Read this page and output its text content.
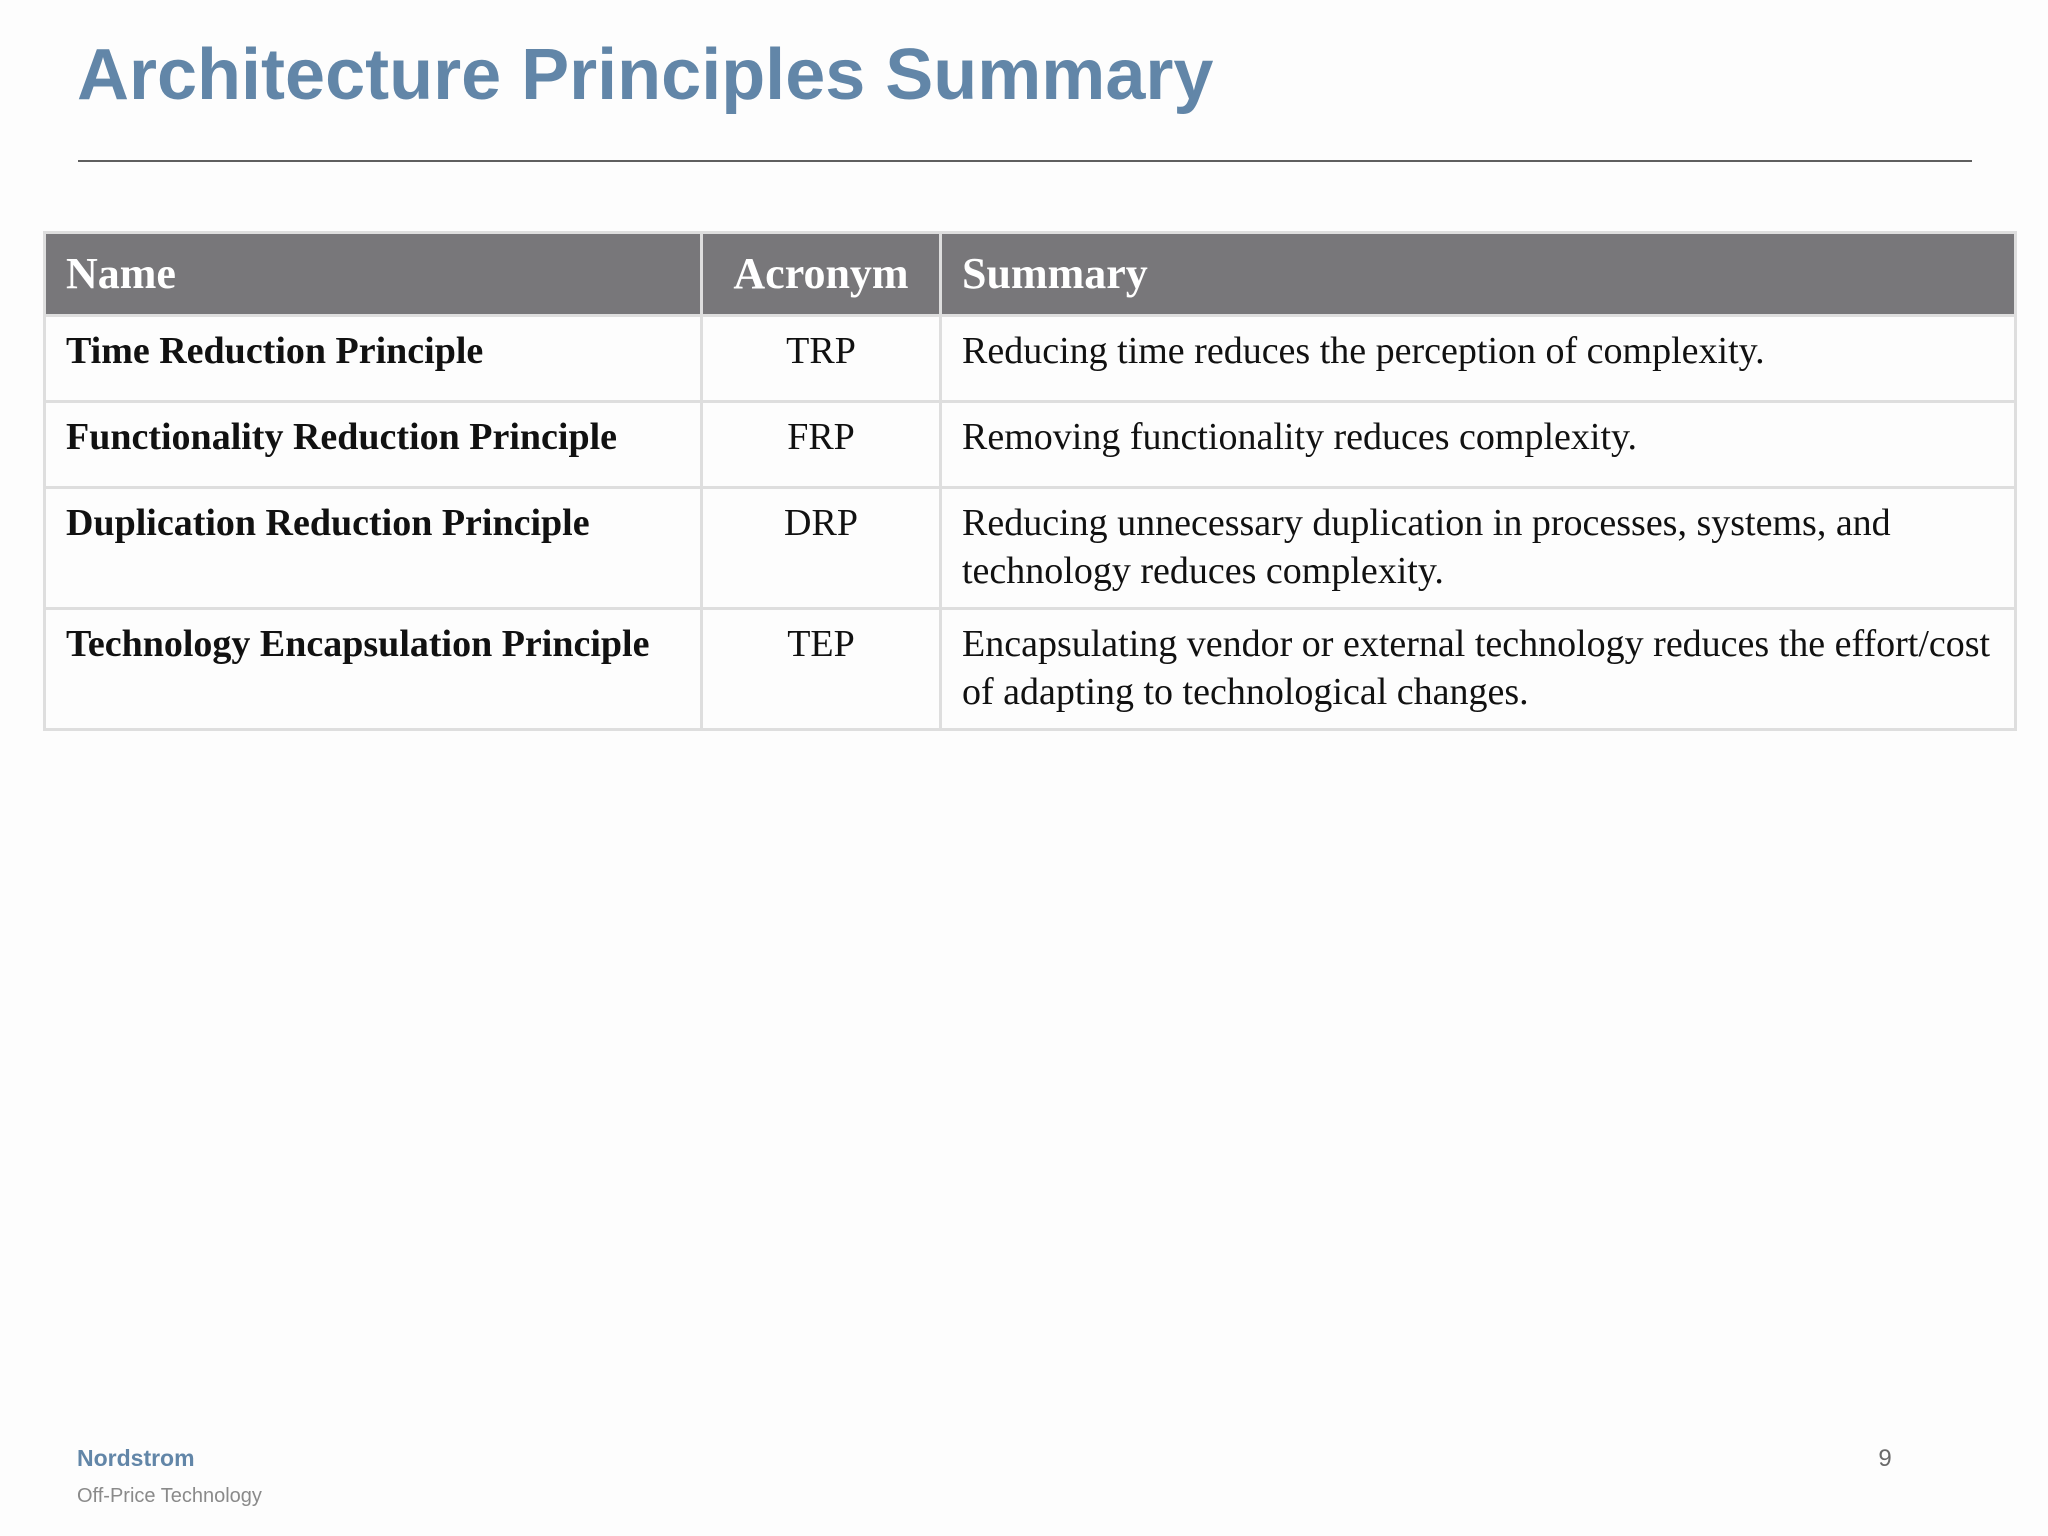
Architecture Principles Summary
Name	Acronym	Summary
Time Reduction Principle	TRP	Reducing time reduces the perception of complexity.
Functionality Reduction Principle	FRP	Removing functionality reduces complexity.
Duplication Reduction Principle	DRP	Reducing unnecessary duplication in processes, systems, and technology reduces complexity.
Technology Encapsulation Principle	TEP	Encapsulating vendor or external technology reduces the effort/cost of adapting to technological changes.
Nordstrom
Off-Price Technology
9
